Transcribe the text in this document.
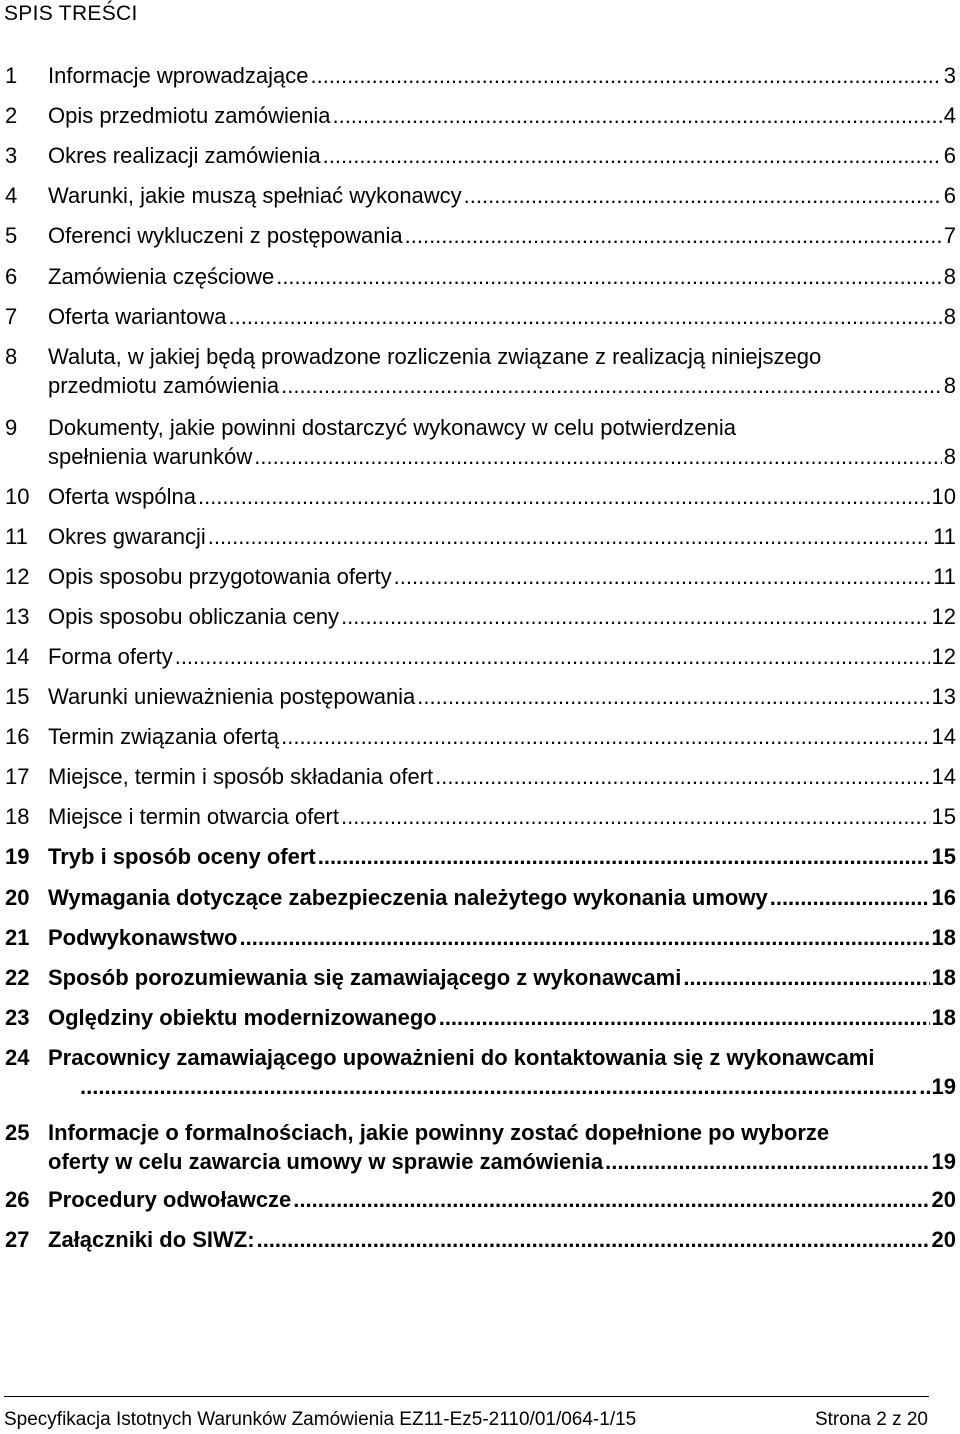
SPIS TREŚCI
1 Informacje wprowadzające .....	3
2 Opis przedmiotu zamówienia .....	4
3 Okres realizacji zamówienia .....	6
4 Warunki, jakie muszą spełniać wykonawcy .....	6
5 Oferenci wykluczeni z postępowania .....	7
6 Zamówienia częściowe .....	8
7 Oferta wariantowa .....	8
8 Waluta, w jakiej będą prowadzone rozliczenia związane z realizacją niniejszego
przedmiotu zamówienia .....	8
9 Dokumenty, jakie powinni dostarczyć wykonawcy w celu potwierdzenia
spełnienia warunków .....	8
10 Oferta wspólna .....	10
11 Okres gwarancji .....	11
12 Opis sposobu przygotowania oferty .....	11
13 Opis sposobu obliczania ceny .....	12
14 Forma oferty .....	12
15 Warunki unieważnienia postępowania .....	13
16 Termin związania ofertą .....	14
17 Miejsce, termin i sposób składania ofert .....	14
18 Miejsce i termin otwarcia ofert .....	15
19 Tryb i sposób oceny ofert .....	15
20 Wymagania dotyczące zabezpieczenia należytego wykonania umowy .....	16
21 Podwykonawstwo .....	18
22 Sposób porozumiewania się zamawiającego z wykonawcami .....	18
23 Oględziny obiektu modernizowanego .....	18
24 Pracownicy zamawiającego upoważnieni do kontaktowania się z wykonawcami
.....
..19
25 Informacje o formalnościach, jakie powinny zostać dopełnione po wyborze
oferty w celu zawarcia umowy w sprawie zamówienia .....	19
26 Procedury odwoławcze .....	20
27 Załączniki do SIWZ: .....	20
Specyfikacja Istotnych Warunków Zamówienia EZ11-Ez5-2110/01/064-1/15	Strona 2 z 20
